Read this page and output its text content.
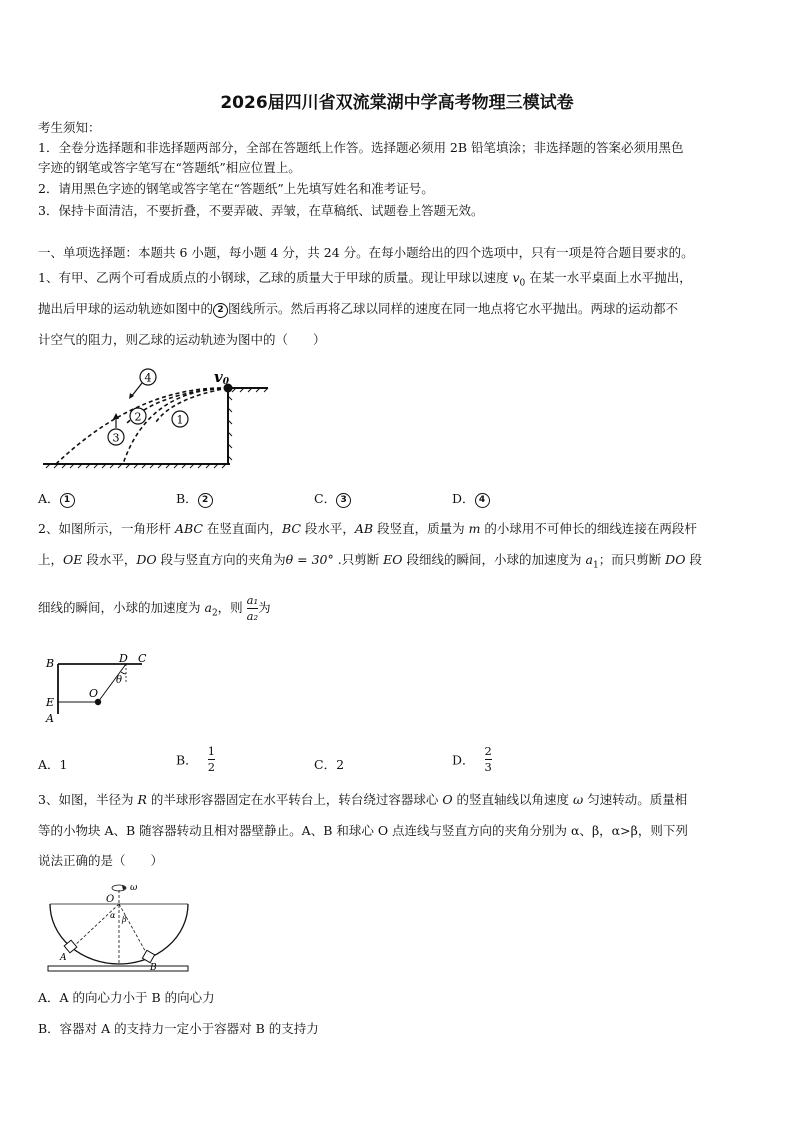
2026届四川省双流棠湖中学高考物理三模试卷
考生须知：
1．全卷分选择题和非选择题两部分，全部在答题纸上作答。选择题必须用 2B 铅笔填涂；非选择题的答案必须用黑色
字迹的钢笔或答字笔写在“答题纸”相应位置上。
2．请用黑色字迹的钢笔或答字笔在“答题纸”上先填写姓名和准考证号。
3．保持卡面清洁，不要折叠，不要弄破、弄皱，在草稿纸、试题卷上答题无效。
一、单项选择题：本题共 6 小题，每小题 4 分，共 24 分。在每小题给出的四个选项中，只有一项是符合题目要求的。
1、有甲、乙两个可看成质点的小钢球，乙球的质量大于甲球的质量。现让甲球以速度 $v_0$ 在某一水平桌面上水平抛出，
抛出后甲球的运动轨迹如图中的 2 图线所示。然后再将乙球以同样的速度在同一地点将它水平抛出。两球的运动都不
计空气的阻力，则乙球的运动轨迹为图中的（　　）
v0
4
2	1
3
A． 1	B． 2	C． 3	D． 4
2、如图所示，一角形杆 ABC 在竖直面内，BC 段水平，AB 段竖直，质量为 m 的小球用不可伸长的细线连接在两段杆
上，OE 段水平，DO 段与竖直方向的夹角为θ = 30° .只剪断 EO 段细线的瞬间，小球的加速度为 $a_1$；而只剪断 DO 段
细线的瞬间，小球的加速度为 $a_2$，则 $\frac{\text{a₁}}{\text{a₂}}$ 为
B	D C
θ
E
O
A
A．1	B． $\frac{1}{2}$	C．2	D． $\frac{2}{3}$
3、如图，半径为 R 的半球形容器固定在水平转台上，转台绕过容器球心 O 的竖直轴线以角速度 ω 匀速转动。质量相
等的小物块 A、B 随容器转动且相对器壁静止。A、B 和球心 O 点连线与竖直方向的夹角分别为 α、β，α>β，则下列
说法正确的是（　　）
O
ω
α β
A
B
A．A 的向心力小于 B 的向心力
B．容器对 A 的支持力一定小于容器对 B 的支持力
